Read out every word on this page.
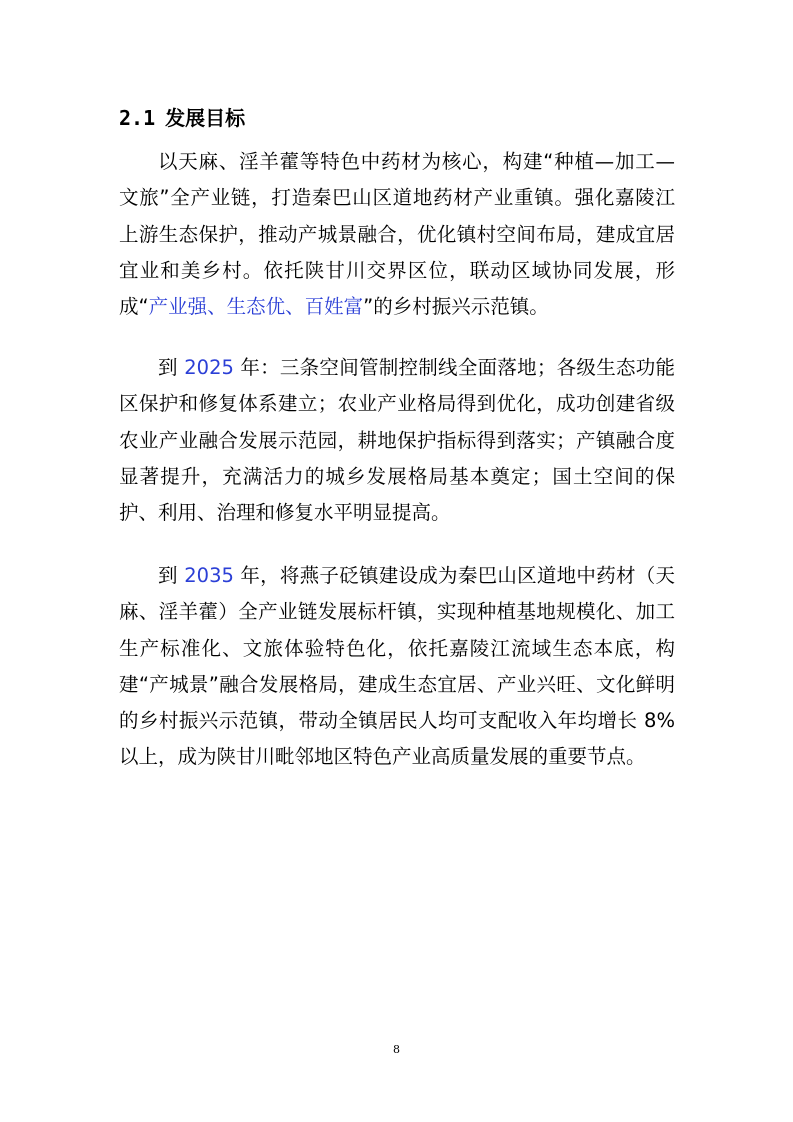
2.1 发展目标

以天麻、淫羊藿等特色中药材为核心，构建“种植—加工—文旅”全产业链，打造秦巴山区道地药材产业重镇。强化嘉陵江上游生态保护，推动产城景融合，优化镇村空间布局，建成宜居宜业和美乡村。依托陕甘川交界区位，联动区域协同发展，形成“产业强、生态优、百姓富”的乡村振兴示范镇。

到 2025 年：三条空间管制控制线全面落地；各级生态功能区保护和修复体系建立；农业产业格局得到优化，成功创建省级农业产业融合发展示范园，耕地保护指标得到落实；产镇融合度显著提升，充满活力的城乡发展格局基本奠定；国土空间的保护、利用、治理和修复水平明显提高。

到 2035 年，将燕子砭镇建设成为秦巴山区道地中药材（天麻、淫羊藿）全产业链发展标杆镇，实现种植基地规模化、加工生产标准化、文旅体验特色化，依托嘉陵江流域生态本底，构建“产城景”融合发展格局，建成生态宜居、产业兴旺、文化鲜明的乡村振兴示范镇，带动全镇居民人均可支配收入年均增长 8%以上，成为陕甘川毗邻地区特色产业高质量发展的重要节点。

8
